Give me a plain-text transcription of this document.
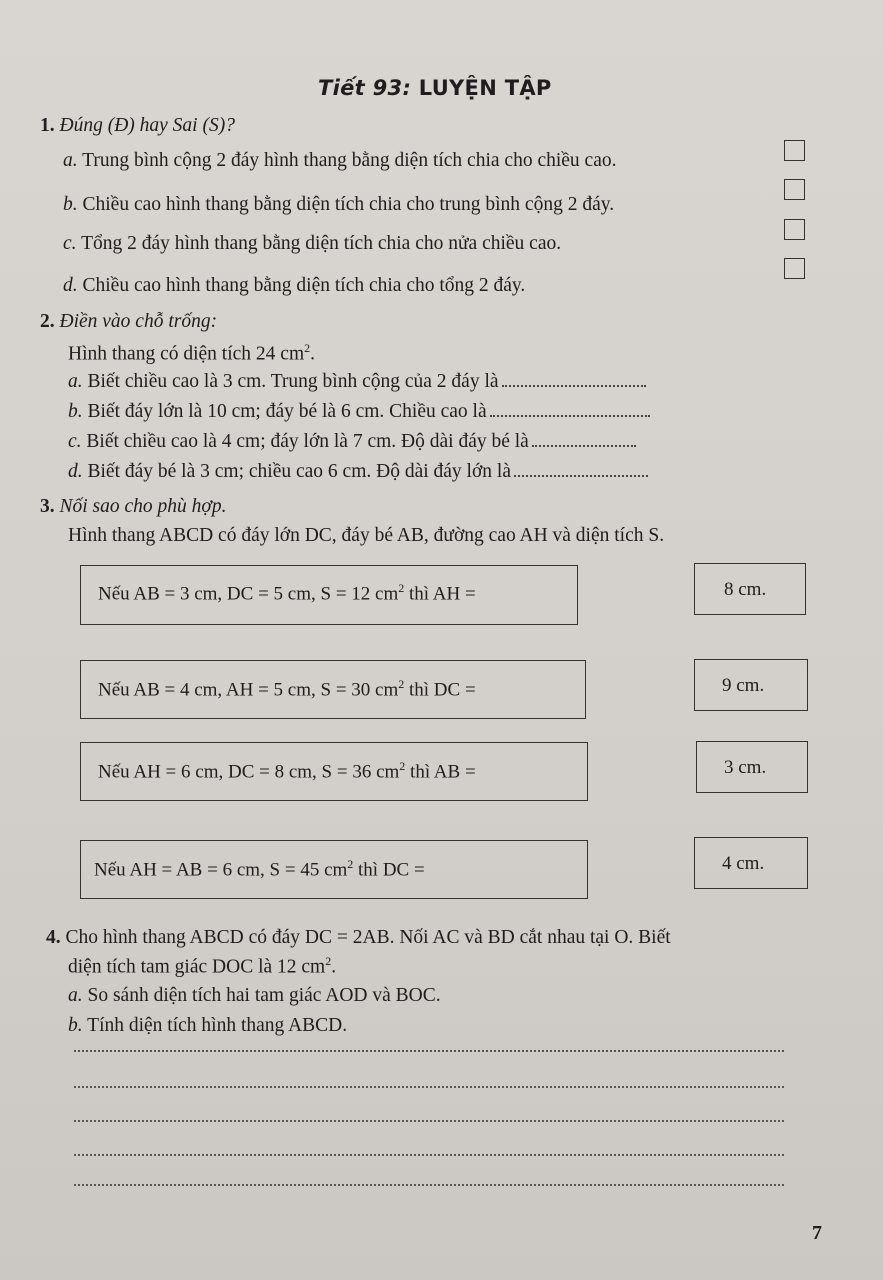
Tiết 93: LUYỆN TẬP
1. Đúng (Đ) hay Sai (S)?
a. Trung bình cộng 2 đáy hình thang bằng diện tích chia cho chiều cao.
b. Chiều cao hình thang bằng diện tích chia cho trung bình cộng 2 đáy.
c. Tổng 2 đáy hình thang bằng diện tích chia cho nửa chiều cao.
d. Chiều cao hình thang bằng diện tích chia cho tổng 2 đáy.
2. Điền vào chỗ trống:
Hình thang có diện tích 24 $cm^2$.
a. Biết chiều cao là 3 cm. Trung bình cộng của 2 đáy là
b. Biết đáy lớn là 10 cm; đáy bé là 6 cm. Chiều cao là
c. Biết chiều cao là 4 cm; đáy lớn là 7 cm. Độ dài đáy bé là
d. Biết đáy bé là 3 cm; chiều cao 6 cm. Độ dài đáy lớn là
3. Nối sao cho phù hợp.
Hình thang ABCD có đáy lớn DC, đáy bé AB, đường cao AH và diện tích S.
Nếu AB = 3 cm, DC = 5 cm, S = 12 $cm^2$ thì AH =
Nếu AB = 4 cm, AH = 5 cm, S = 30 $cm^2$ thì DC =
Nếu AH = 6 cm, DC = 8 cm, S = 36 $cm^2$ thì AB =
Nếu AH = AB = 6 cm, S = 45 $cm^2$ thì DC =
8 cm.
9 cm.
3 cm.
4 cm.
4. Cho hình thang ABCD có đáy DC = 2AB. Nối AC và BD cắt nhau tại O. Biết
diện tích tam giác DOC là 12 $cm^2$.
a. So sánh diện tích hai tam giác AOD và BOC.
b. Tính diện tích hình thang ABCD.
7
